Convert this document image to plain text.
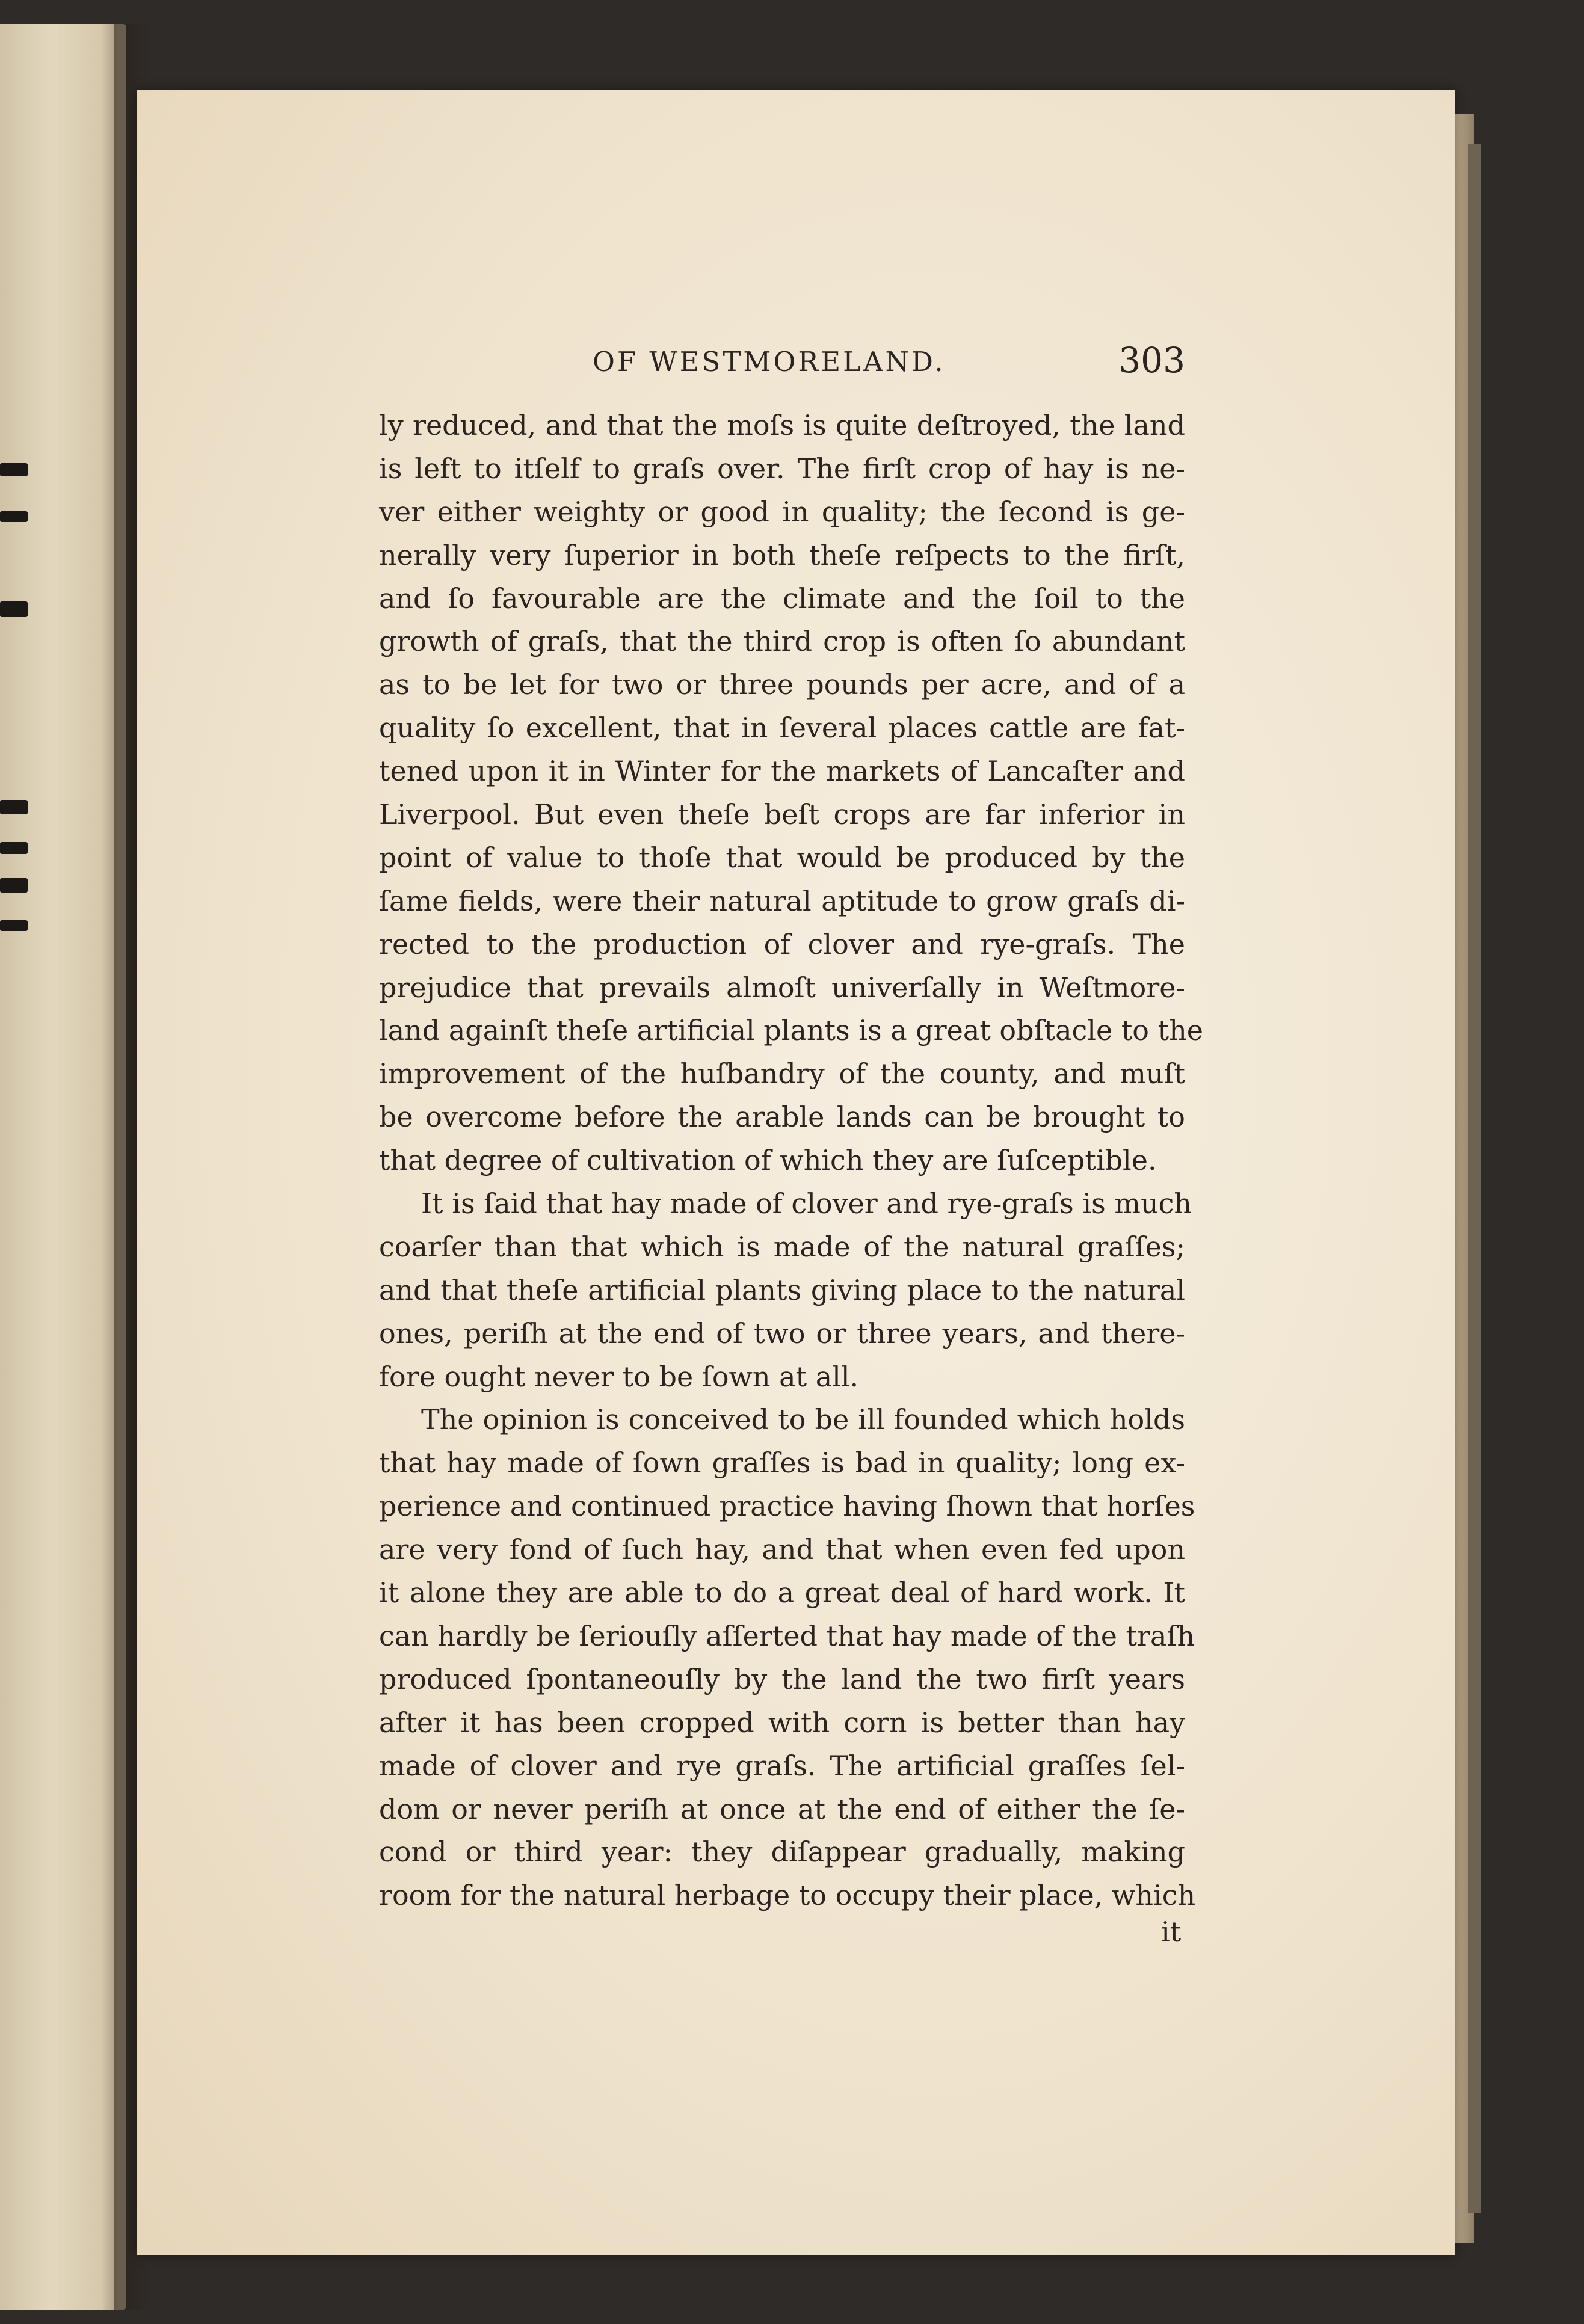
OF WESTMORELAND.	303
ly reduced, and that the moſs is quite deſtroyed, the land
is left to itſelf to graſs over. The firſt crop of hay is ne-
ver either weighty or good in quality; the ſecond is ge-
nerally very ſuperior in both theſe reſpects to the firſt,
and ſo favourable are the climate and the ſoil to the
growth of graſs, that the third crop is often ſo abundant
as to be let for two or three pounds per acre, and of a
quality ſo excellent, that in ſeveral places cattle are fat-
tened upon it in Winter for the markets of Lancaſter and
Liverpool. But even theſe beſt crops are far inferior in
point of value to thoſe that would be produced by the
ſame fields, were their natural aptitude to grow graſs di-
rected to the production of clover and rye-graſs. The
prejudice that prevails almoſt univerſally in Weſtmore-
land againſt theſe artificial plants is a great obſtacle to the
improvement of the huſbandry of the county, and muſt
be overcome before the arable lands can be brought to
that degree of cultivation of which they are ſuſceptible.
It is ſaid that hay made of clover and rye-graſs is much
coarſer than that which is made of the natural graſſes;
and that theſe artificial plants giving place to the natural
ones, periſh at the end of two or three years, and there-
fore ought never to be ſown at all.
The opinion is conceived to be ill founded which holds
that hay made of ſown graſſes is bad in quality; long ex-
perience and continued practice having ſhown that horſes
are very fond of ſuch hay, and that when even fed upon
it alone they are able to do a great deal of hard work. It
can hardly be ſeriouſly aſſerted that hay made of the traſh
produced ſpontaneouſly by the land the two firſt years
after it has been cropped with corn is better than hay
made of clover and rye graſs. The artificial graſſes ſel-
dom or never periſh at once at the end of either the ſe-
cond or third year: they diſappear gradually, making
room for the natural herbage to occupy their place, which
it
